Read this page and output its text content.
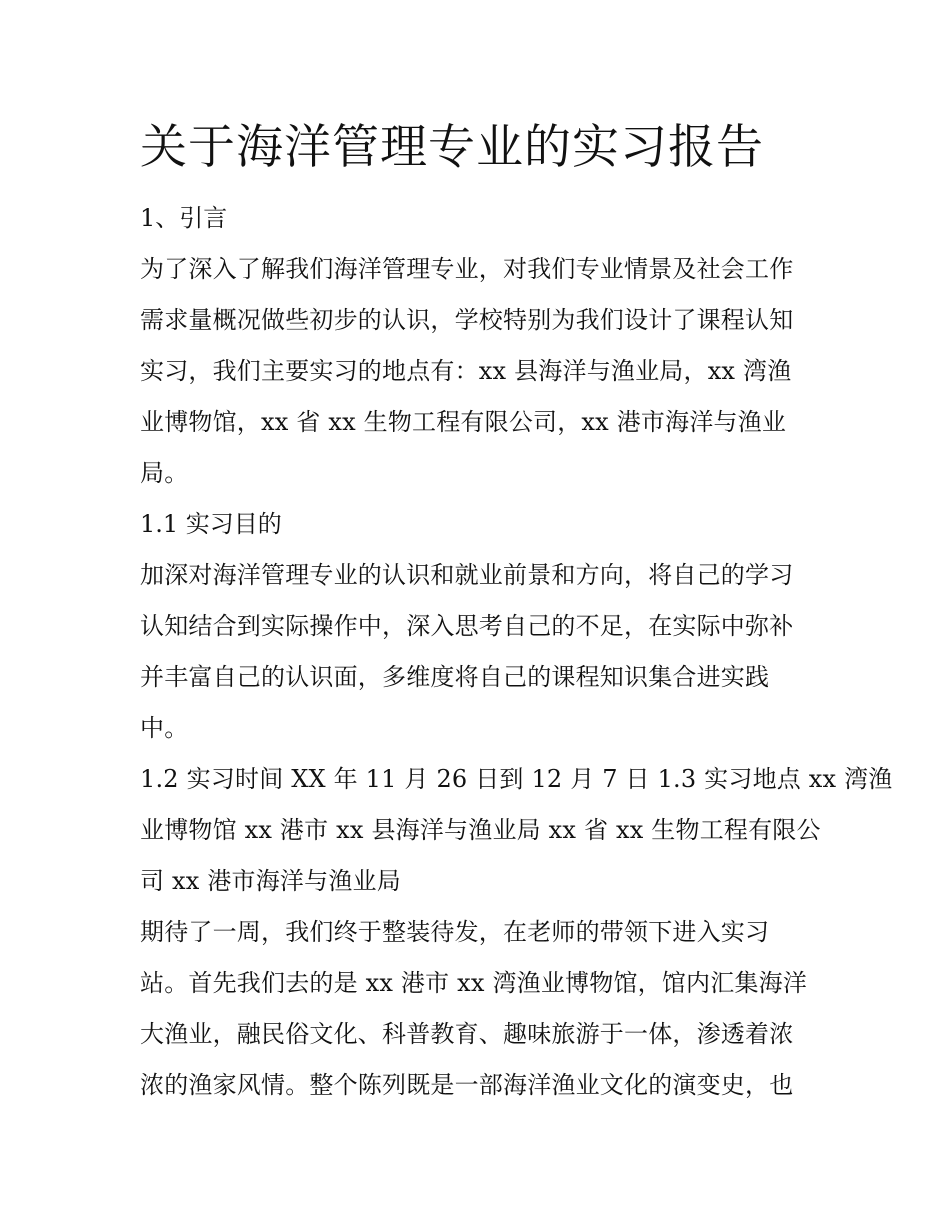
关于海洋管理专业的实习报告
1、引言

为了深入了解我们海洋管理专业，对我们专业情景及社会工作
需求量概况做些初步的认识，学校特别为我们设计了课程认知
实习，我们主要实习的地点有：xx 县海洋与渔业局，xx 湾渔
业博物馆，xx 省 xx 生物工程有限公司，xx 港市海洋与渔业
局。

1.1 实习目的

加深对海洋管理专业的认识和就业前景和方向，将自己的学习
认知结合到实际操作中，深入思考自己的不足，在实际中弥补
并丰富自己的认识面，多维度将自己的课程知识集合进实践
中。

1.2 实习时间 XX 年 11 月 26 日到 12 月 7 日 1.3 实习地点 xx 湾渔
业博物馆 xx 港市 xx 县海洋与渔业局 xx 省 xx 生物工程有限公
司 xx 港市海洋与渔业局

期待了一周，我们终于整装待发，在老师的带领下进入实习
站。首先我们去的是 xx 港市 xx 湾渔业博物馆，馆内汇集海洋
大渔业，融民俗文化、科普教育、趣味旅游于一体，渗透着浓
浓的渔家风情。整个陈列既是一部海洋渔业文化的演变史，也
